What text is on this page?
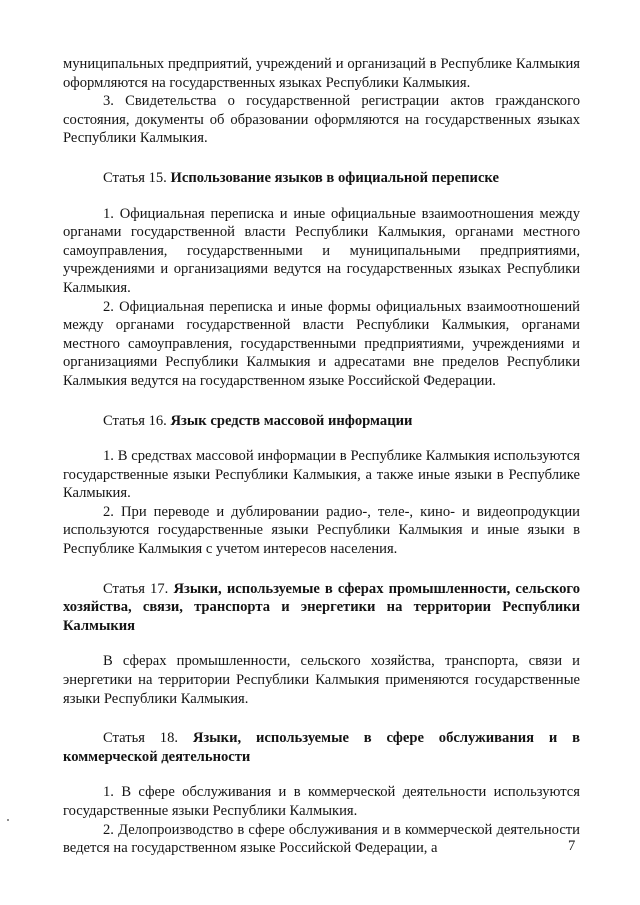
муниципальных предприятий, учреждений и организаций в Республике Калмыкия оформляются на государственных языках Республики Калмыкия.

3. Свидетельства о государственной регистрации актов гражданского состояния, документы об образовании оформляются на государственных языках Республики Калмыкия.

Статья 15. Использование языков в официальной переписке

1. Официальная переписка и иные официальные взаимоотношения между органами государственной власти Республики Калмыкия, органами местного самоуправления, государственными и муниципальными предприятиями, учреждениями и организациями ведутся на государственных языках Республики Калмыкия.

2. Официальная переписка и иные формы официальных взаимоотношений между органами государственной власти Республики Калмыкия, органами местного самоуправления, государственными предприятиями, учреждениями и организациями Республики Калмыкия и адресатами вне пределов Республики Калмыкия ведутся на государственном языке Российской Федерации.

Статья 16. Язык средств массовой информации

1. В средствах массовой информации в Республике Калмыкия используются государственные языки Республики Калмыкия, а также иные языки в Республике Калмыкия.

2. При переводе и дублировании радио-, теле-, кино- и видеопродукции используются государственные языки Республики Калмыкия и иные языки в Республике Калмыкия с учетом интересов населения.

Статья 17. Языки, используемые в сферах промышленности, сельского хозяйства, связи, транспорта и энергетики на территории Республики Калмыкия

В сферах промышленности, сельского хозяйства, транспорта, связи и энергетики на территории Республики Калмыкия применяются государственные языки Республики Калмыкия.

Статья 18. Языки, используемые в сфере обслуживания и в коммерческой деятельности

1. В сфере обслуживания и в коммерческой деятельности используются государственные языки Республики Калмыкия.

2. Делопроизводство в сфере обслуживания и в коммерческой деятельности ведется на государственном языке Российской Федерации, а	7
